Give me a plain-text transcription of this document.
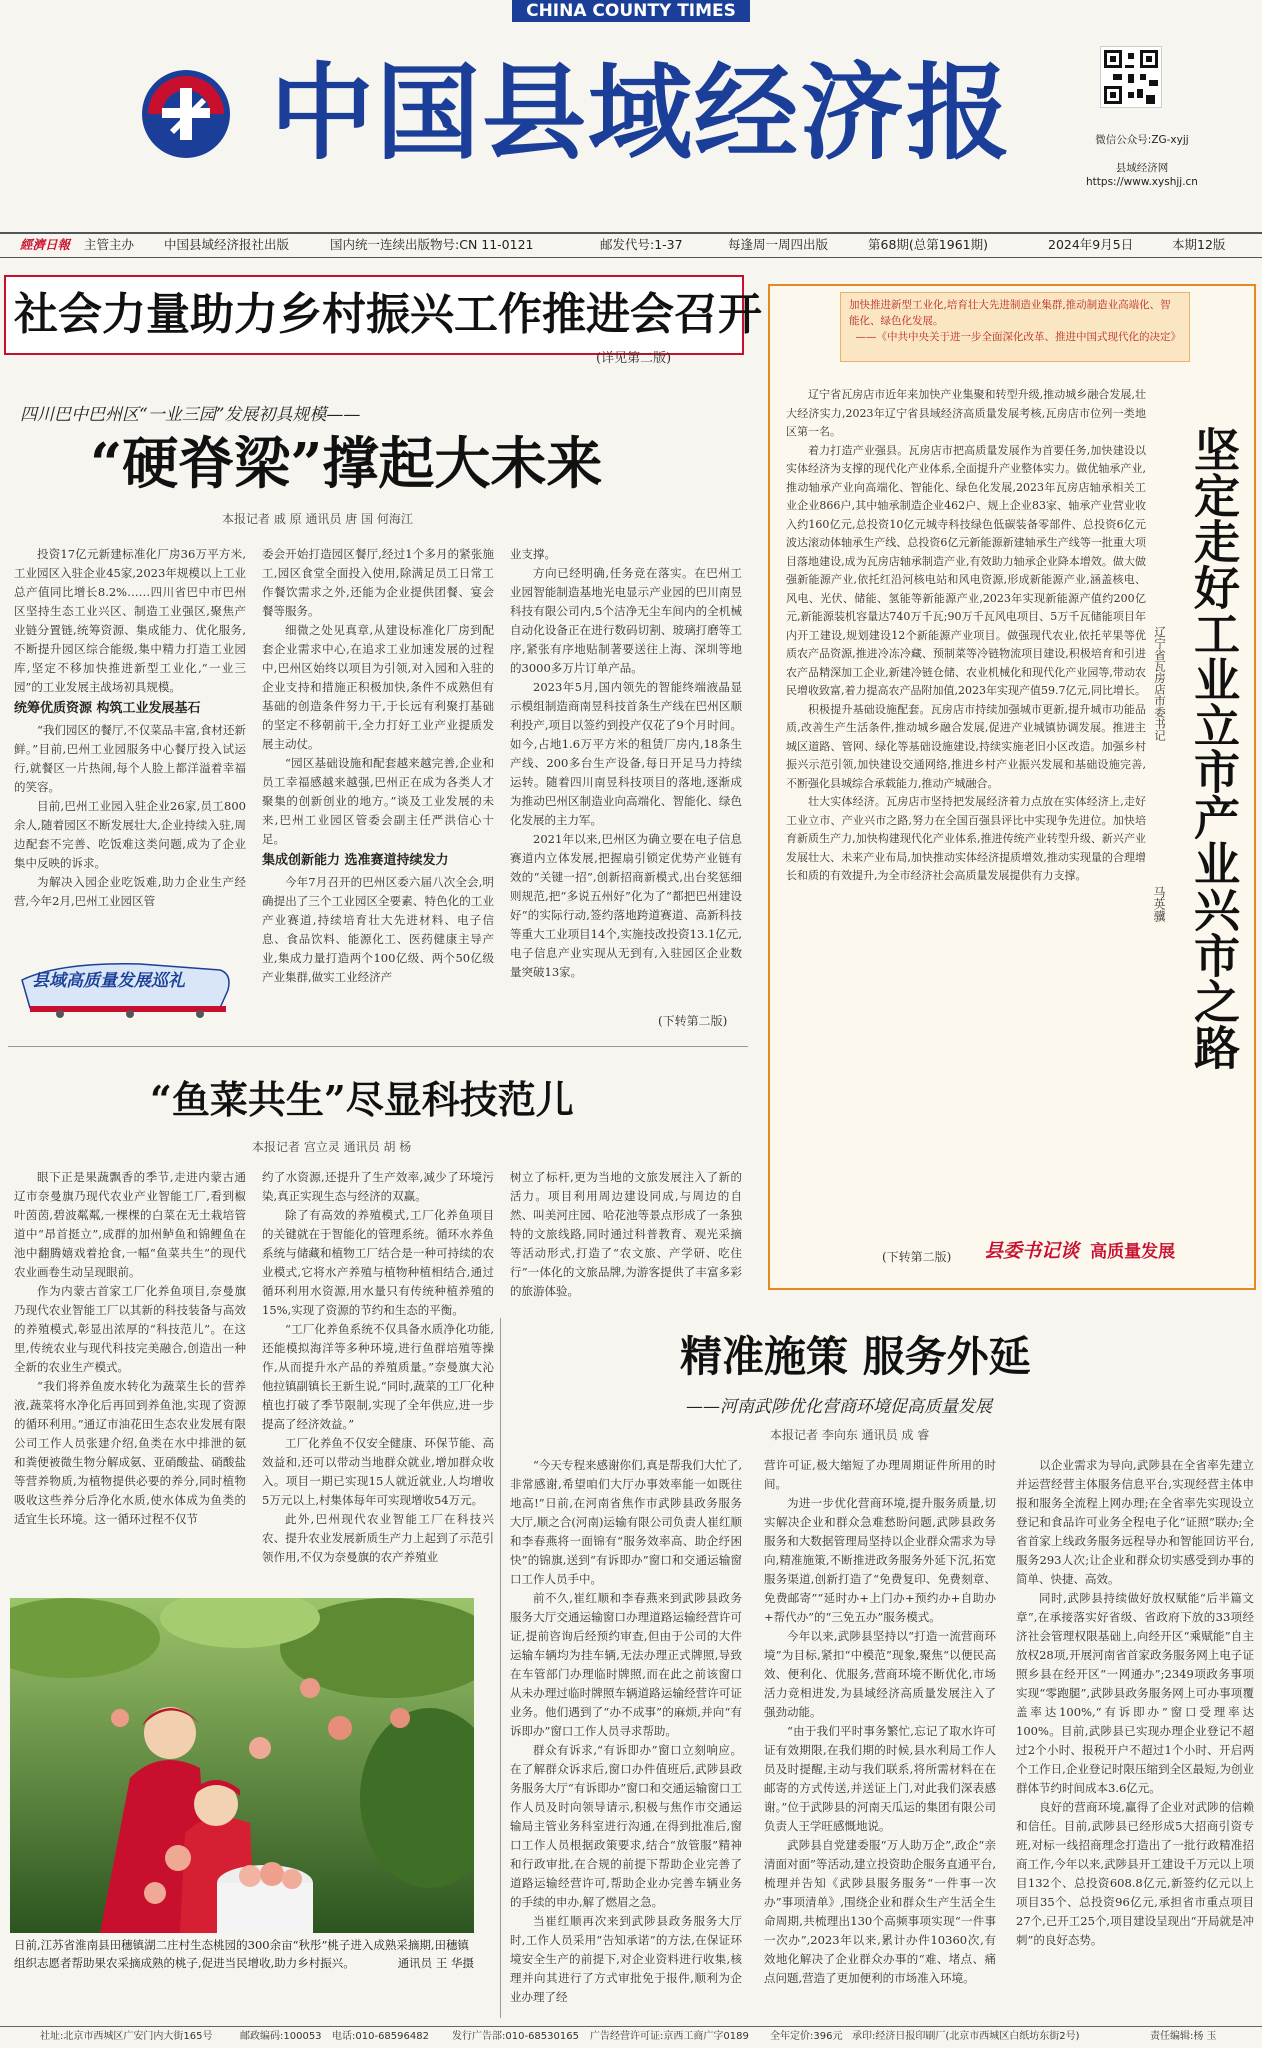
CHINA COUNTY TIMES
中国县域经济报	微信公众号:ZG-xyjj
县域经济网
https://www.xyshjj.cn
經濟日報 主管主办 中国县域经济报社出版	国内统一连续出版物号:CN 11-0121	邮发代号:1-37	每逢周一周四出版	第68期(总第1961期)	2024年9月5日	本期12版
社会力量助力乡村振兴工作推进会召开
(详见第二版)
四川巴中巴州区“一业三园”发展初具规模——
“硬脊梁”撑起大未来
本报记者 戚 原 通讯员 唐 国 何海江

投资17亿元新建标准化厂房36万平方米,工业园区入驻企业45家,2023年规模以上工业总产值同比增长8.2%……四川省巴中市巴州区坚持生态工业兴区、制造工业强区,聚焦产业链分置链,统筹资源、集成能力、优化服务,不断提升园区综合能级,集中精力打造工业园库,坚定不移加快推进新型工业化,“一业三园”的工业发展主战场初具规模。

统筹优质资源 构筑工业发展基石

“我们园区的餐厅,不仅菜品丰富,食材还新鲜。”目前,巴州工业园服务中心餐厅投入试运行,就餐区一片热闹,每个人脸上都洋溢着幸福的笑容。

目前,巴州工业园入驻企业26家,员工800余人,随着园区不断发展壮大,企业持续入驻,周边配套不完善、吃饭难这类问题,成为了企业集中反映的诉求。

为解决入园企业吃饭难,助力企业生产经营,今年2月,巴州工业园区管

委会开始打造园区餐厅,经过1个多月的紧张施工,园区食堂全面投入使用,除满足员工日常工作餐饮需求之外,还能为企业提供团餐、宴会餐等服务。

细微之处见真章,从建设标准化厂房到配套企业需求中心,在追求工业加速发展的过程中,巴州区始终以项目为引领,对入园和入驻的企业支持和措施正积极加快,条件不成熟但有基础的创造条件努力干,于长远有利聚打基础的坚定不移朝前干,全力打好工业产业提质发展主动仗。

“园区基础设施和配套越来越完善,企业和员工幸福感越来越强,巴州正在成为各类人才聚集的创新创业的地方。”谈及工业发展的未来,巴州工业园区管委会副主任严洪信心十足。

集成创新能力 选准赛道持续发力

今年7月召开的巴州区委六届八次全会,明确提出了三个工业园区全要素、特色化的工业产业赛道,持续培育壮大先进材料、电子信息、食品饮料、能源化工、医药健康主导产业,集成力量打造两个100亿级、两个50亿级产业集群,做实工业经济产

业支撑。

方向已经明确,任务竞在落实。在巴州工业园智能制造基地光电显示产业园的巴川南昱科技有限公司内,5个洁净无尘车间内的全机械自动化设备正在进行数码切割、玻璃打磨等工序,紧张有序地贴制著要送往上海、深圳等地的3000多万片订单产品。

2023年5月,国内领先的智能终端液晶显示模组制造商南昱科技首条生产线在巴州区顺利投产,项目以签约到投产仅花了9个月时间。如今,占地1.6万平方米的租赁厂房内,18条生产线、200多台生产设备,每日开足马力持续运转。随着四川南昱科技项目的落地,逐渐成为推动巴州区制造业向高端化、智能化、绿色化发展的主力军。

2021年以来,巴州区为确立要在电子信息赛道内立体发展,把握扇引锁定优势产业链有效的“关键一招”,创新招商新模式,出台奖惩细则规范,把“多说五州好”化为了“都把巴州建设好”的实际行动,签约落地跨道赛道、高新科技等重大工业项目14个,实施技改投资13.1亿元,电子信息产业实现从无到有,入驻园区企业数量突破13家。

(下转第二版)
县域高质量发展巡礼
“鱼菜共生”尽显科技范儿
本报记者 宫立灵 通讯员 胡 杨

眼下正是果蔬飘香的季节,走进内蒙古通辽市奈曼旗乃现代农业产业智能工厂,看到椒叶茵茵,碧波粼粼,一棵棵的白菜在无土栽培管道中“昂首挺立”,成群的加州鲈鱼和锦鲤鱼在池中翻腾嬉戏着抢食,一幅“鱼菜共生”的现代农业画卷生动呈现眼前。

作为内蒙古首家工厂化养鱼项目,奈曼旗乃现代农业智能工厂以其新的科技装备与高效的养殖模式,彰显出浓厚的“科技范儿”。在这里,传统农业与现代科技完美融合,创造出一种全新的农业生产模式。

“我们将养鱼废水转化为蔬菜生长的营养液,蔬菜将水净化后再回到养鱼池,实现了资源的循环利用。”通辽市油花田生态农业发展有限公司工作人员张建介绍,鱼类在水中排泄的氨和粪便被微生物分解成氨、亚硝酸盐、硝酸盐等营养物质,为植物提供必要的养分,同时植物吸收这些养分后净化水质,使水体成为鱼类的适宜生长环境。这一循环过程不仅节

约了水资源,还提升了生产效率,减少了环境污染,真正实现生态与经济的双赢。

除了有高效的养殖模式,工厂化养鱼项目的关键就在于智能化的管理系统。循环水养鱼系统与储藏和植物工厂结合是一种可持续的农业模式,它将水产养殖与植物种植相结合,通过循环利用水资源,用水量只有传统种植养殖的15%,实现了资源的节约和生态的平衡。

“工厂化养鱼系统不仅具备水质净化功能,还能模拟海洋等多种环境,进行鱼群培殖等操作,从而提升水产品的养殖质量。”奈曼旗大沁他拉镇副镇长王新生说,“同时,蔬菜的工厂化种植也打破了季节限制,实现了全年供应,进一步提高了经济效益。”

工厂化养鱼不仅安全健康、环保节能、高效益和,还可以带动当地群众就业,增加群众收入。项目一期已实现15人就近就业,人均增收5万元以上,村集体每年可实现增收54万元。

此外,巴州现代农业智能工厂在科技兴农、提升农业发展新质生产力上起到了示范引领作用,不仅为奈曼旗的农产养殖业

树立了标杆,更为当地的文旅发展注入了新的活力。项目利用周边建设同成,与周边的自然、叫美河庄园、哈花池等景点形成了一条独特的文旅线路,同时通过科普教育、观光采摘等活动形式,打造了“农文旅、产学研、吃住行”一体化的文旅品牌,为游客提供了丰富多彩的旅游体验。

日前,江苏省淮南县田穗镇湖二庄村生态桃园的300余亩“秋彤”桃子进入成熟采摘期,田穗镇组织志愿者帮助果农采摘成熟的桃子,促进当民增收,助力乡村振兴。	通讯员 王 华摄
精准施策 服务外延
——河南武陟优化营商环境促高质量发展
本报记者 李向东 通讯员 成 睿

“今天专程来感谢你们,真是帮我们大忙了,非常感谢,希望咱们大厅办事效率能一如既往地高!”日前,在河南省焦作市武陟县政务服务大厅,顺之合(河南)运输有限公司负责人崔红顺和李春燕将一面锦有“服务效率高、助企纾困快”的锦旗,送到“有诉即办”窗口和交通运输窗口工作人员手中。

前不久,崔红顺和李春燕来到武陟县政务服务大厅交通运输窗口办理道路运输经营许可证,提前咨询后经预约审查,但由于公司的大件运输车辆均为挂车辆,无法办理正式牌照,导致在车管部门办理临时牌照,而在此之前该窗口从未办理过临时牌照车辆道路运输经营许可证业务。他们遇到了“办不成事”的麻烦,并向“有诉即办”窗口工作人员寻求帮助。

群众有诉求,“有诉即办”窗口立刻响应。在了解群众诉求后,窗口办件值班后,武陟县政务服务大厅“有诉即办”窗口和交通运输窗口工作人员及时向领导请示,积极与焦作市交通运输局主管业务科室进行沟通,在得到批准后,窗口工作人员根据政策要求,结合“放管服”精神和行政审批,在合规的前提下帮助企业完善了道路运输经营许可,帮助企业办完善车辆业务的手续的申办,解了燃眉之急。

当崔红顺再次来到武陟县政务服务大厅时,工作人员采用“告知承诺”的方法,在保证环境安全生产的前提下,对企业资料进行收集,核理并向其进行了方式审批免于报件,顺利为企业办理了经

营许可证,极大缩短了办理周期证件所用的时间。

为进一步优化营商环境,提升服务质量,切实解决企业和群众急难愁盼问题,武陟县政务服务和大数据管理局坚持以企业群众需求为导向,精准施策,不断推进政务服务外延下沉,拓宽服务渠道,创新打造了“免费复印、免费刻章、免费邮寄”“延时办+上门办+预约办+自助办+帮代办”的“三免五办”服务模式。

今年以来,武陟县坚持以“打造一流营商环境”为目标,紧扣“中模范”现象,聚焦“以便民高效、便利化、优服务,营商环境不断优化,市场活力竞相进发,为县域经济高质量发展注入了强劲动能。

“由于我们平时事务繁忙,忘记了取水许可证有效期限,在我们期的时候,县水利局工作人员及时提醒,主动与我们联系,将所需材料在在邮寄的方式传送,并送证上门,对此我们深表感谢。”位于武陟县的河南天瓜运的集团有限公司负责人王学旺感慨地说。

武陟县自党建委服“万人助万企”,政企“亲清面对面”等活动,建立投资助企服务直通平台,梳理并告知《武陟县服务服务“一件事一次办”事项清单》,围绕企业和群众生产生活全生命周期,共梳理出130个高频事项实现“一件事一次办”,2023年以来,累计办件10360次,有效地化解决了企业群众办事的“难、堵点、痛点问题,营造了更加便利的市场准入环境。

以企业需求为导向,武陟县在全省率先建立并运营经营主体服务信息平台,实现经营主体申报和服务全流程上网办理;在全省率先实现设立登记和食品许可业务全程电子化“证照”联办;全省首家上线政务服务远程导办和智能回访平台,服务293人次;让企业和群众切实感受到办事的简单、快捷、高效。

同时,武陟县持续做好放权赋能“后半篇文章”,在承接落实好省级、省政府下放的33项经济社会管理权限基础上,向经开区“乘赋能”自主放权28项,开展河南省首家政务服务网上电子证照乡县在经开区“一网通办”;2349项政务事项实现“零跑腿”,武陟县政务服务网上可办事项覆盖率达100%,“有诉即办”窗口受理率达100%。目前,武陟县已实现办理企业登记不超过2个小时、报税开户不超过1个小时、开启两个工作日,企业登记时限压缩到全区最短,为创业群体节约时间成本3.6亿元。

良好的营商环境,赢得了企业对武陟的信赖和信任。目前,武陟县已经形成5大招商引资专班,对标一线招商理念打造出了一批行政精准招商工作,今年以来,武陟县开工建设千万元以上项目132个、总投资608.8亿元,新签约亿元以上项目35个、总投资96亿元,承担省市重点项目27个,已开工25个,项目建设呈现出“开局就是冲刺”的良好态势。

加快推进新型工业化,培育壮大先进制造业集群,推动制造业高端化、智能化、绿色化发展。
——《中共中央关于进一步全面深化改革、推进中国式现代化的决定》

辽宁省瓦房店市近年来加快产业集聚和转型升级,推动城乡融合发展,壮大经济实力,2023年辽宁省县域经济高质量发展考核,瓦房店市位列一类地区第一名。

着力打造产业强县。瓦房店市把高质量发展作为首要任务,加快建设以实体经济为支撑的现代化产业体系,全面提升产业整体实力。做优轴承产业,推动轴承产业向高端化、智能化、绿色化发展,2023年瓦房店轴承相关工业企业866户,其中轴承制造企业462户、规上企业83家、轴承产业营业收入约160亿元,总投资10亿元城寺科技绿色低碳装备零部件、总投资6亿元波达滚动体轴承生产线、总投资6亿元新能源新建轴承生产线等一批重大项目落地建设,成为瓦房店轴承制造产业,有效助力轴承企业降本增效。做大做强新能源产业,依托红沿河核电站和风电资源,形成新能源产业,涵盖核电、风电、光伏、储能、氢能等新能源产业,2023年实现新能源产值约200亿元,新能源装机容量达740万千瓦;90万千瓦风电项目、5万千瓦储能项目年内开工建设,规划建设12个新能源产业项目。做强现代农业,依托苹果等优质农产品资源,推进冷冻冷藏、预制菜等冷链物流项目建设,积极培育和引进农产品精深加工企业,新建冷链仓储、农业机械化和现代化产业园等,带动农民增收致富,着力提高农产品附加值,2023年实现产值59.7亿元,同比增长。

积极提升基础设施配套。瓦房店市持续加强城市更新,提升城市功能品质,改善生产生活条件,推动城乡融合发展,促进产业城镇协调发展。推进主城区道路、管网、绿化等基础设施建设,持续实施老旧小区改造。加强乡村振兴示范引领,加快建设交通网络,推进乡村产业振兴发展和基础设施完善,不断强化县城综合承载能力,推动产城融合。

壮大实体经济。瓦房店市坚持把发展经济着力点放在实体经济上,走好工业立市、产业兴市之路,努力在全国百强县评比中实现争先进位。加快培育新质生产力,加快构建现代化产业体系,推进传统产业转型升级、新兴产业发展壮大、未来产业布局,加快推动实体经济提质增效,推动实现量的合理增长和质的有效提升,为全市经济社会高质量发展提供有力支撑。

(下转第二版)
坚定走好工业立市产业兴市之路
辽宁省瓦房店市委书记
马英骥
县委书记谈 高质量发展
社址:北京市西城区广安门内大街165号	邮政编码:100053 电话:010-68596482 发行广告部:010-68530165 广告经营许可证:京西工商广字0189 全年定价:396元 承印:经济日报印刷厂(北京市西城区白纸坊东街2号)	责任编辑:杨 玉
